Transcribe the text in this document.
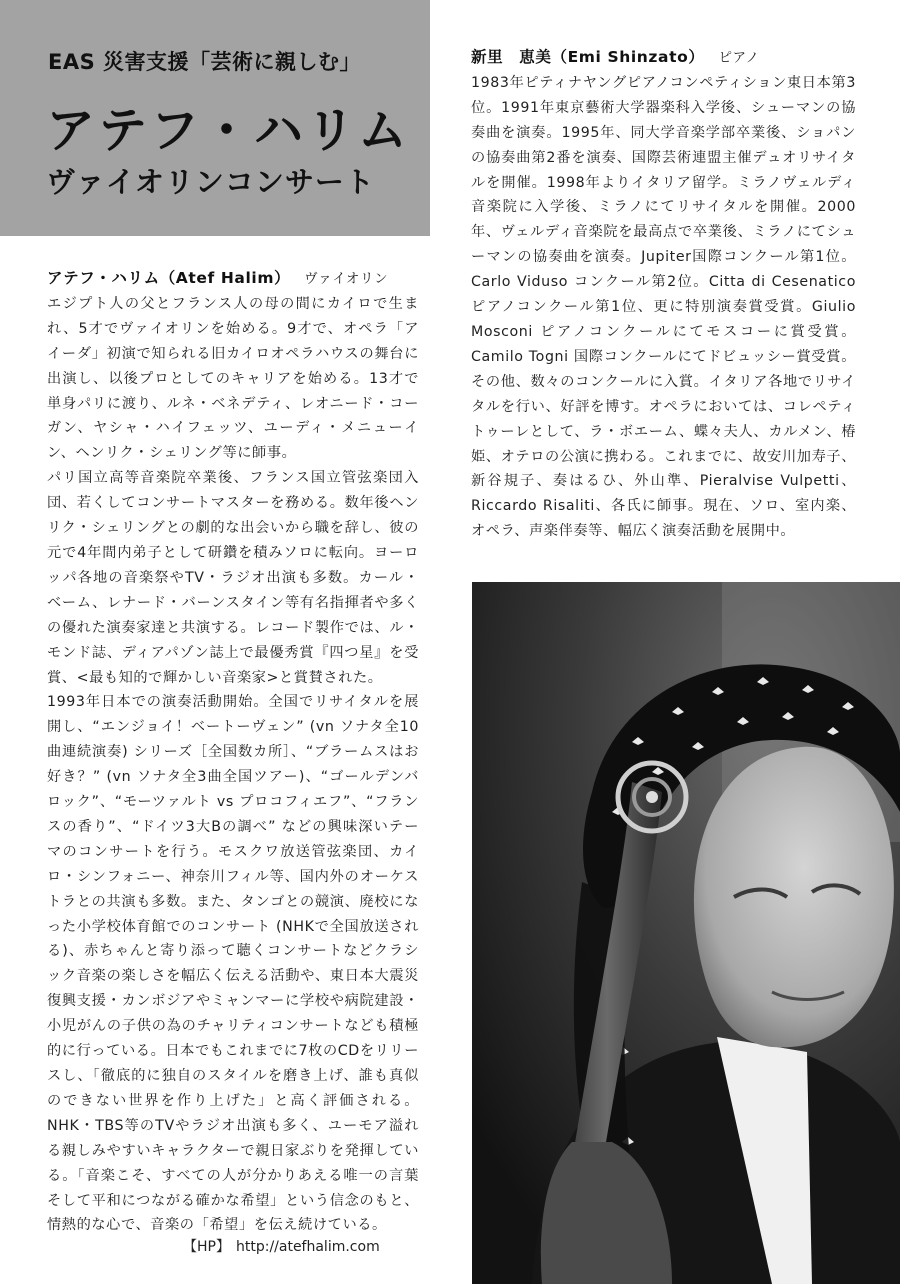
EAS 災害支援「芸術に親しむ」
アテフ・ハリム
ヴァイオリンコンサート
新里　恵美（Emi Shinzato） ピアノ

1983年ピティナヤングピアノコンペティション東日本第3位。1991年東京藝術大学器楽科入学後、シューマンの協奏曲を演奏。1995年、同大学音楽学部卒業後、ショパンの協奏曲第2番を演奏、国際芸術連盟主催デュオリサイタルを開催。1998年よりイタリア留学。ミラノヴェルディ音楽院に入学後、ミラノにてリサイタルを開催。2000年、ヴェルディ音楽院を最高点で卒業後、ミラノにてシューマンの協奏曲を演奏。Jupiter国際コンクール第1位。Carlo Viduso コンクール第2位。Citta di Cesenatico ピアノコンクール第1位、更に特別演奏賞受賞。Giulio Mosconi ピアノコンクールにてモスコーに賞受賞。Camilo Togni 国際コンクールにてドビュッシー賞受賞。その他、数々のコンクールに入賞。イタリア各地でリサイタルを行い、好評を博す。オペラにおいては、コレペティトゥーレとして、ラ・ボエーム、蝶々夫人、カルメン、椿姫、オテロの公演に携わる。これまでに、故安川加寿子、新谷規子、奏はるひ、外山準、Pieralvise Vulpetti、Riccardo Risaliti、各氏に師事。現在、ソロ、室内楽、オペラ、声楽伴奏等、幅広く演奏活動を展開中。

アテフ・ハリム（Atef Halim） ヴァイオリン

エジプト人の父とフランス人の母の間にカイロで生まれ、5才でヴァイオリンを始める。9才で、オペラ「アイーダ」初演で知られる旧カイロオペラハウスの舞台に出演し、以後プロとしてのキャリアを始める。13才で単身パリに渡り、ルネ・ベネデティ、レオニード・コーガン、ヤシャ・ハイフェッツ、ユーディ・メニューイン、ヘンリク・シェリング等に師事。

パリ国立高等音楽院卒業後、フランス国立管弦楽団入団、若くしてコンサートマスターを務める。数年後ヘンリク・シェリングとの劇的な出会いから職を辞し、彼の元で4年間内弟子として研鑽を積みソロに転向。ヨーロッパ各地の音楽祭やTV・ラジオ出演も多数。カール・ベーム、レナード・バーンスタイン等有名指揮者や多くの優れた演奏家達と共演する。レコード製作では、ル・モンド誌、ディアパゾン誌上で最優秀賞『四つ星』を受賞、<最も知的で輝かしい音楽家>と賞賛された。

1993年日本での演奏活動開始。全国でリサイタルを展開し、“エンジョイ！ベートーヴェン” (vn ソナタ全10曲連続演奏) シリーズ［全国数カ所］、“ブラームスはお好き？” (vn ソナタ全3曲全国ツアー)、“ゴールデンバロック”、“モーツァルト vs プロコフィエフ”、“フランスの香り”、“ドイツ3大Bの調べ” などの興味深いテーマのコンサートを行う。モスクワ放送管弦楽団、カイロ・シンフォニー、神奈川フィル等、国内外のオーケストラとの共演も多数。また、タンゴとの競演、廃校になった小学校体育館でのコンサート (NHKで全国放送される)、赤ちゃんと寄り添って聴くコンサートなどクラシック音楽の楽しさを幅広く伝える活動や、東日本大震災復興支援・カンボジアやミャンマーに学校や病院建設・小児がんの子供の為のチャリティコンサートなども積極的に行っている。日本でもこれまでに7枚のCDをリリースし、「徹底的に独自のスタイルを磨き上げ、誰も真似のできない世界を作り上げた」と高く評価される。NHK・TBS等のTVやラジオ出演も多く、ユーモア溢れる親しみやすいキャラクターで親日家ぶりを発揮している。「音楽こそ、すべての人が分かりあえる唯一の言葉そして平和につながる確かな希望」という信念のもと、情熱的な心で、音楽の「希望」を伝え続けている。

【HP】 http://atefhalim.com
